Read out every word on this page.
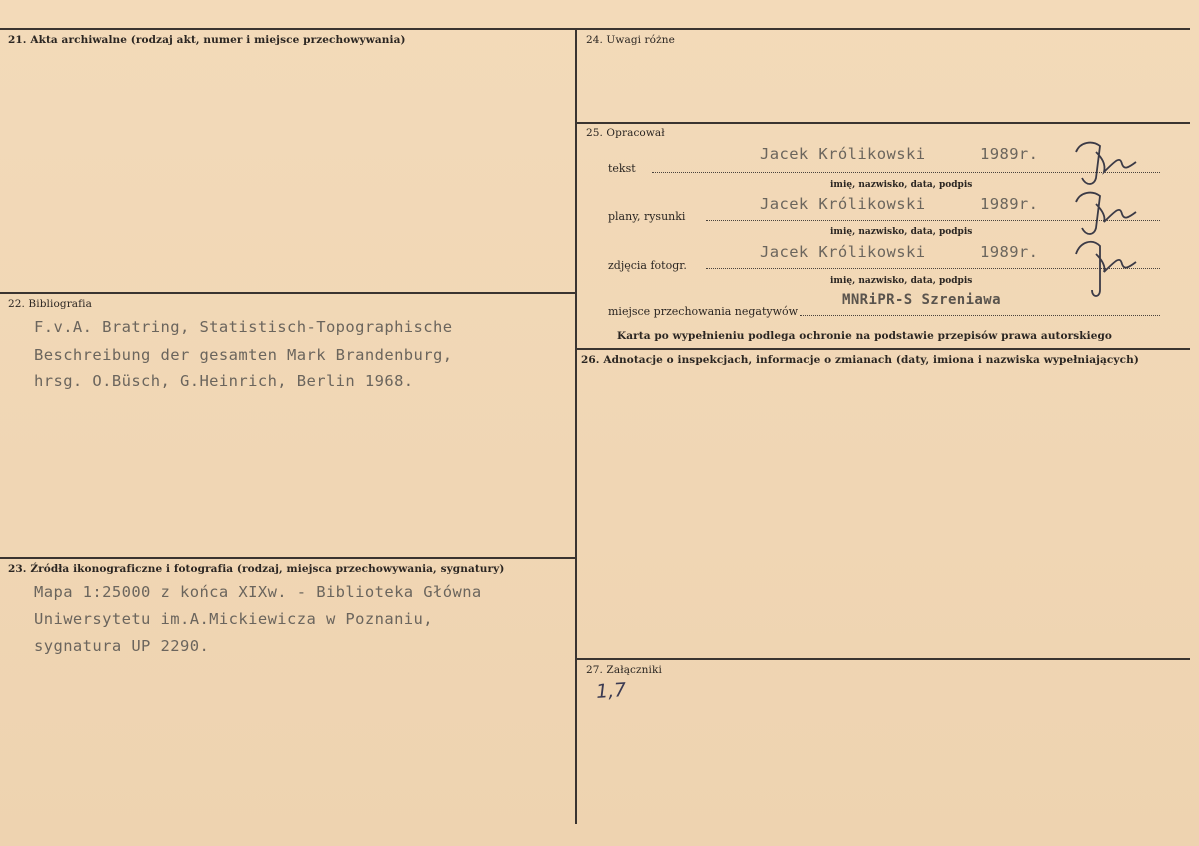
21. Akta archiwalne (rodzaj akt, numer i miejsce przechowywania)
22. Bibliografia
F.v.A. Bratring, Statistisch-Topographische
Beschreibung der gesamten Mark Brandenburg,
hrsg. O.Büsch, G.Heinrich, Berlin 1968.
23. Źródła ikonograficzne i fotografia (rodzaj, miejsca przechowywania, sygnatury)
Mapa 1:25000 z końca XIXw. - Biblioteka Główna
Uniwersytetu im.A.Mickiewicza w Poznaniu,
sygnatura UP 2290.
24. Uwagi różne
25. Opracował
tekst
Jacek Królikowski	1989r.
imię, nazwisko, data, podpis
plany, rysunki
Jacek Królikowski	1989r.
imię, nazwisko, data, podpis
zdjęcia fotogr.
Jacek Królikowski	1989r.
imię, nazwisko, data, podpis
miejsce przechowania negatywów
MNRiPR-S Szreniawa
Karta po wypełnieniu podlega ochronie na podstawie przepisów prawa autorskiego
26. Adnotacje o inspekcjach, informacje o zmianach (daty, imiona i nazwiska wypełniających)
27. Załączniki
1,7
